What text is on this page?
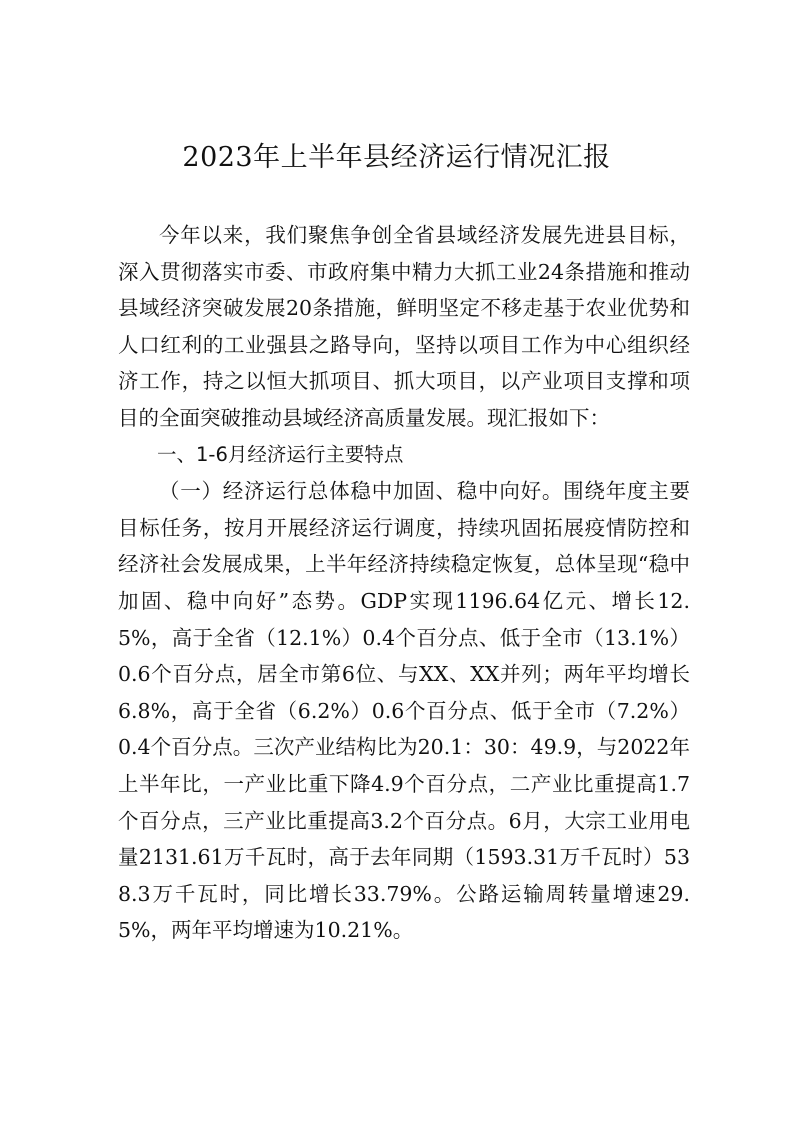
2023年上半年县经济运行情况汇报

今年以来，我们聚焦争创全省县域经济发展先进县目标，深入贯彻落实市委、市政府集中精力大抓工业24条措施和推动县域经济突破发展20条措施，鲜明坚定不移走基于农业优势和人口红利的工业强县之路导向，坚持以项目工作为中心组织经济工作，持之以恒大抓项目、抓大项目，以产业项目支撑和项目的全面突破推动县域经济高质量发展。现汇报如下：

一、1-6月经济运行主要特点

（一）经济运行总体稳中加固、稳中向好。围绕年度主要目标任务，按月开展经济运行调度，持续巩固拓展疫情防控和经济社会发展成果，上半年经济持续稳定恢复，总体呈现“稳中加固、稳中向好”态势。GDP实现1196.64亿元、增长12.5%，高于全省（12.1%）0.4个百分点、低于全市（13.1%）0.6个百分点，居全市第6位、与XX、XX并列；两年平均增长6.8%，高于全省（6.2%）0.6个百分点、低于全市（7.2%）0.4个百分点。三次产业结构比为20.1：30：49.9，与2022年上半年比，一产业比重下降4.9个百分点，二产业比重提高1.7个百分点，三产业比重提高3.2个百分点。6月，大宗工业用电量2131.61万千瓦时，高于去年同期（1593.31万千瓦时）538.3万千瓦时，同比增长33.79%。公路运输周转量增速29.5%，两年平均增速为10.21%。
